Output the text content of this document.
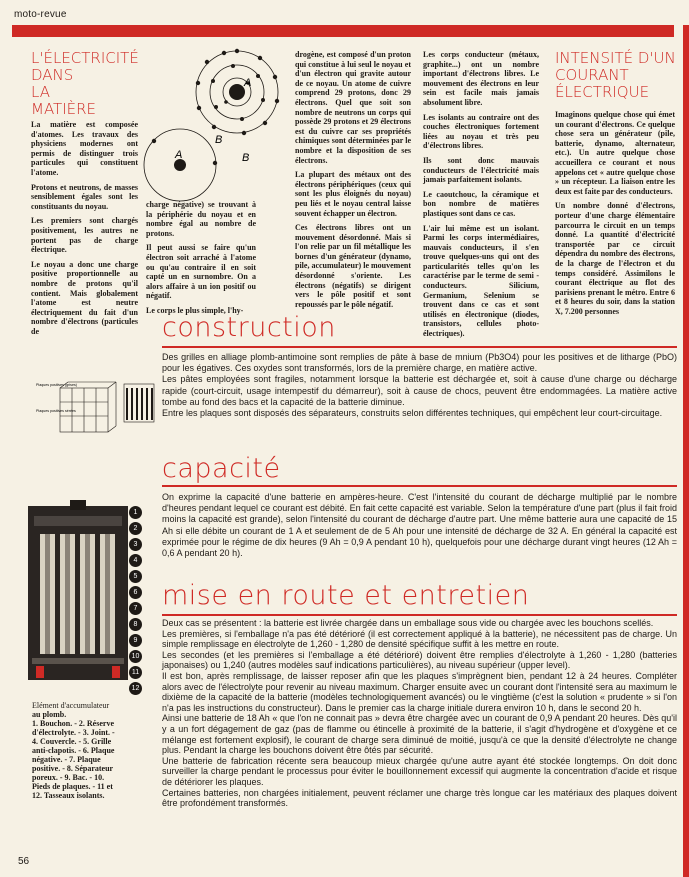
moto-revue
L'ÉLECTRICITÉ
DANS
LA
MATIÈRE

La matière est composée d'atomes. Les travaux des physiciens modernes ont permis de distinguer trois particules qui constituent l'atome.

Protons et neutrons, de masses sensiblement égales sont les constituants du noyau.

Les premiers sont chargés positivement, les autres ne portent pas de charge électrique.

Le noyau a donc une charge positive proportionnelle au nombre de protons qu'il contient. Mais globalement l'atome est neutre électriquement du fait d'un nombre d'électrons (particules de

A
A
B
B

charge négative) se trouvant à la périphérie du noyau et en nombre égal au nombre de protons.

Il peut aussi se faire qu'un électron soit arraché à l'atome ou qu'au contraire il en soit capté un en surnombre. On a alors affaire à un ion positif ou négatif.

Le corps le plus simple, l'hy-

drogène, est composé d'un proton qui constitue à lui seul le noyau et d'un électron qui gravite autour de ce noyau. Un atome de cuivre comprend 29 protons, donc 29 électrons. Quel que soit son nombre de neutrons un corps qui possède 29 protons et 29 électrons est du cuivre car ses propriétés chimiques sont déterminées par le nombre et la disposition de ses électrons.

La plupart des métaux ont des électrons périphériques (ceux qui sont les plus éloignés du noyau) peu liés et le noyau central laisse souvent échapper un électron.

Ces électrons libres ont un mouvement désordonné. Mais si l'on relie par un fil métallique les bornes d'un générateur (dynamo, pile, accumulateur) le mouvement désordonné s'oriente. Les électrons (négatifs) se dirigent vers le pôle positif et sont repoussés par le pôle négatif.

Les corps conducteur (métaux, graphite...) ont un nombre important d'électrons libres. Le mouvement des électrons en leur sein est facile mais jamais absolument libre.

Les isolants au contraire ont des couches électroniques fortement liées au noyau et très peu d'électrons libres.

Ils sont donc mauvais conducteurs de l'électricité mais jamais parfaitement isolants.

Le caoutchouc, la céramique et bon nombre de matières plastiques sont dans ce cas.

L'air lui même est un isolant. Parmi les corps intermédiaires, mauvais conducteurs, il s'en trouve quelques-uns qui ont des particularités telles qu'on les caractérise par le terme de semi - conducteurs. Silicium, Germanium, Selenium se trouvent dans ce cas et sont utilisés en électronique (diodes, transistors, cellules photo-électriques).

INTENSITÉ D'UN
COURANT
ÉLECTRIQUE

Imaginons quelque chose qui émet un courant d'électrons. Ce quelque chose sera un générateur (pile, batterie, dynamo, alternateur, etc.). Un autre quelque chose accueillera ce courant et nous appelons cet « autre quelque chose » un récepteur. La liaison entre les deux est faite par des conducteurs.

Un nombre donné d'électrons, porteur d'une charge élémentaire parcourra le circuit en un temps donné. La quantité d'électricité transportée par ce circuit dépendra du nombre des électrons, de la charge de l'électron et du temps considéré. Assimilons le courant électrique au flot des parisiens prenant le métro. Entre 6 et 8 heures du soir, dans la station X, 7.200 personnes

construction

Des grilles en alliage plomb-antimoine sont remplies de pâte à base de mnium (Pb3O4) pour les positives et de litharge (PbO) pour les égatives. Ces oxydes sont transformés, lors de la première charge, en matière active.

Les pâtes employées sont fragiles, notamment lorsque la batterie est déchargée et, soit à cause d'une charge ou décharge rapide (court-circuit, usage intempestif du démarreur), soit à cause de chocs, peuvent être endommagées. La matière active tombe au fond des bacs et la capacité de la batterie diminue.

Entre les plaques sont disposés des séparateurs, construits selon différentes techniques, qui empêchent leur court-circuitage.

Plaques positives (grises)
Plaques positives sérées
capacité

On exprime la capacité d'une batterie en ampères-heure. C'est l'intensité du courant de décharge multiplié par le nombre d'heures pendant lequel ce courant est débité. En fait cette capacité est variable. Selon la température d'une part (plus il fait froid moins la capacité est grande), selon l'intensité du courant de décharge d'autre part. Une même batterie aura une capacité de 15 Ah si elle débite un courant de 1 A et seulement de de 5 Ah pour une intensité de décharge de 32 A. En général la capacité est exprimée pour le régime de dix heures (9 Ah = 0,9 A pendant 10 h), quelquefois pour une décharge durant vingt heures (12 Ah = 0,6 A pendant 20 h).

1
2
3
4
5
6
7
8
9
10
11
12
Elément d'accumulateur
au plomb.
1. Bouchon. - 2. Réserve
d'électrolyte. - 3. Joint. -
4. Couvercle. - 5. Grille
anti-clapotis. - 6. Plaque
négative. - 7. Plaque
positive. - 8. Séparateur
poreux. - 9. Bac. - 10.
Pieds de plaques. - 11 et
12. Tasseaux isolants.
mise en route et entretien

Deux cas se présentent : la batterie est livrée chargée dans un emballage sous vide ou chargée avec les bouchons scellés.

Les premières, si l'emballage n'a pas été détérioré (il est correctement appliqué à la batterie), ne nécessitent pas de charge. Un simple remplissage en électrolyte de 1,260 - 1,280 de densité spécifique suffit à les mettre en route.

Les secondes (et les premières si l'emballage a été détérioré) doivent être remplies d'électrolyte à 1,260 - 1,280 (batteries japonaises) ou 1,240 (autres modèles sauf indications particulières), au niveau supérieur (upper level).

Il est bon, après remplissage, de laisser reposer afin que les plaques s'imprègnent bien, pendant 12 à 24 heures. Compléter alors avec de l'électrolyte pour revenir au niveau maximum. Charger ensuite avec un courant dont l'intensité sera au maximum le dixième de la capacité de la batterie (modèles technologiquement avancés) ou le vingtième (c'est la solution « prudente » si l'on n'a pas les instructions du constructeur). Dans le premier cas la charge initiale durera environ 10 h, dans le second 20 h.

Ainsi une batterie de 18 Ah « que l'on ne connait pas » devra être chargée avec un courant de 0,9 A pendant 20 heures. Dès qu'il y a un fort dégagement de gaz (pas de flamme ou étincelle à proximité de la batterie, il s'agit d'hydrogène et d'oxygène et ce mélange est fortement explosif), le courant de charge sera diminué de moitié, jusqu'à ce que la densité d'électrolyte ne change plus. Pendant la charge les bouchons doivent être ôtés par sécurité.

Une batterie de fabrication récente sera beaucoup mieux chargée qu'une autre ayant été stockée longtemps. On doit donc surveiller la charge pendant le processus pour éviter le bouillonnement excessif qui augmente la concentration d'acide et risque de détériorer les plaques.

Certaines batteries, non chargées initialement, peuvent réclamer une charge très longue car les matériaux des plaques doivent être profondément transformés.

56
